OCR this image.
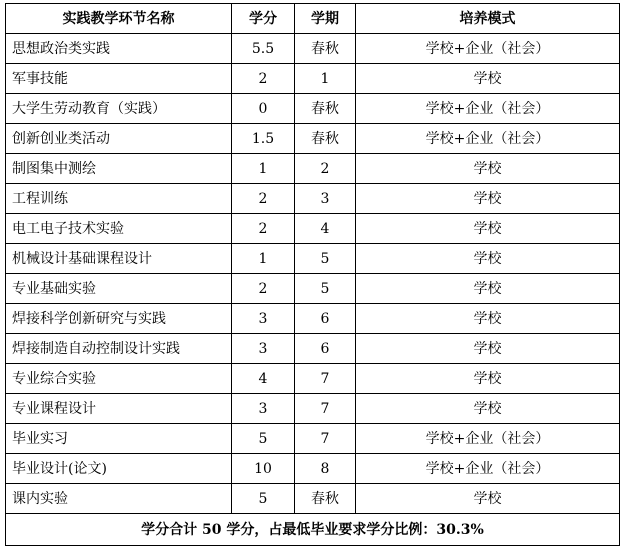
实践教学环节名称	学分	学期	培养模式
思想政治类实践	5.5	春秋	学校+企业（社会）
军事技能	2	1	学校
大学生劳动教育（实践）	0	春秋	学校+企业（社会）
创新创业类活动	1.5	春秋	学校+企业（社会）
制图集中测绘	1	2	学校
工程训练	2	3	学校
电工电子技术实验	2	4	学校
机械设计基础课程设计	1	5	学校
专业基础实验	2	5	学校
焊接科学创新研究与实践	3	6	学校
焊接制造自动控制设计实践	3	6	学校
专业综合实验	4	7	学校
专业课程设计	3	7	学校
毕业实习	5	7	学校+企业（社会）
毕业设计(论文)	10	8	学校+企业（社会）
课内实验	5	春秋	学校
学分合计 50 学分，占最低毕业要求学分比例：30.3%			
